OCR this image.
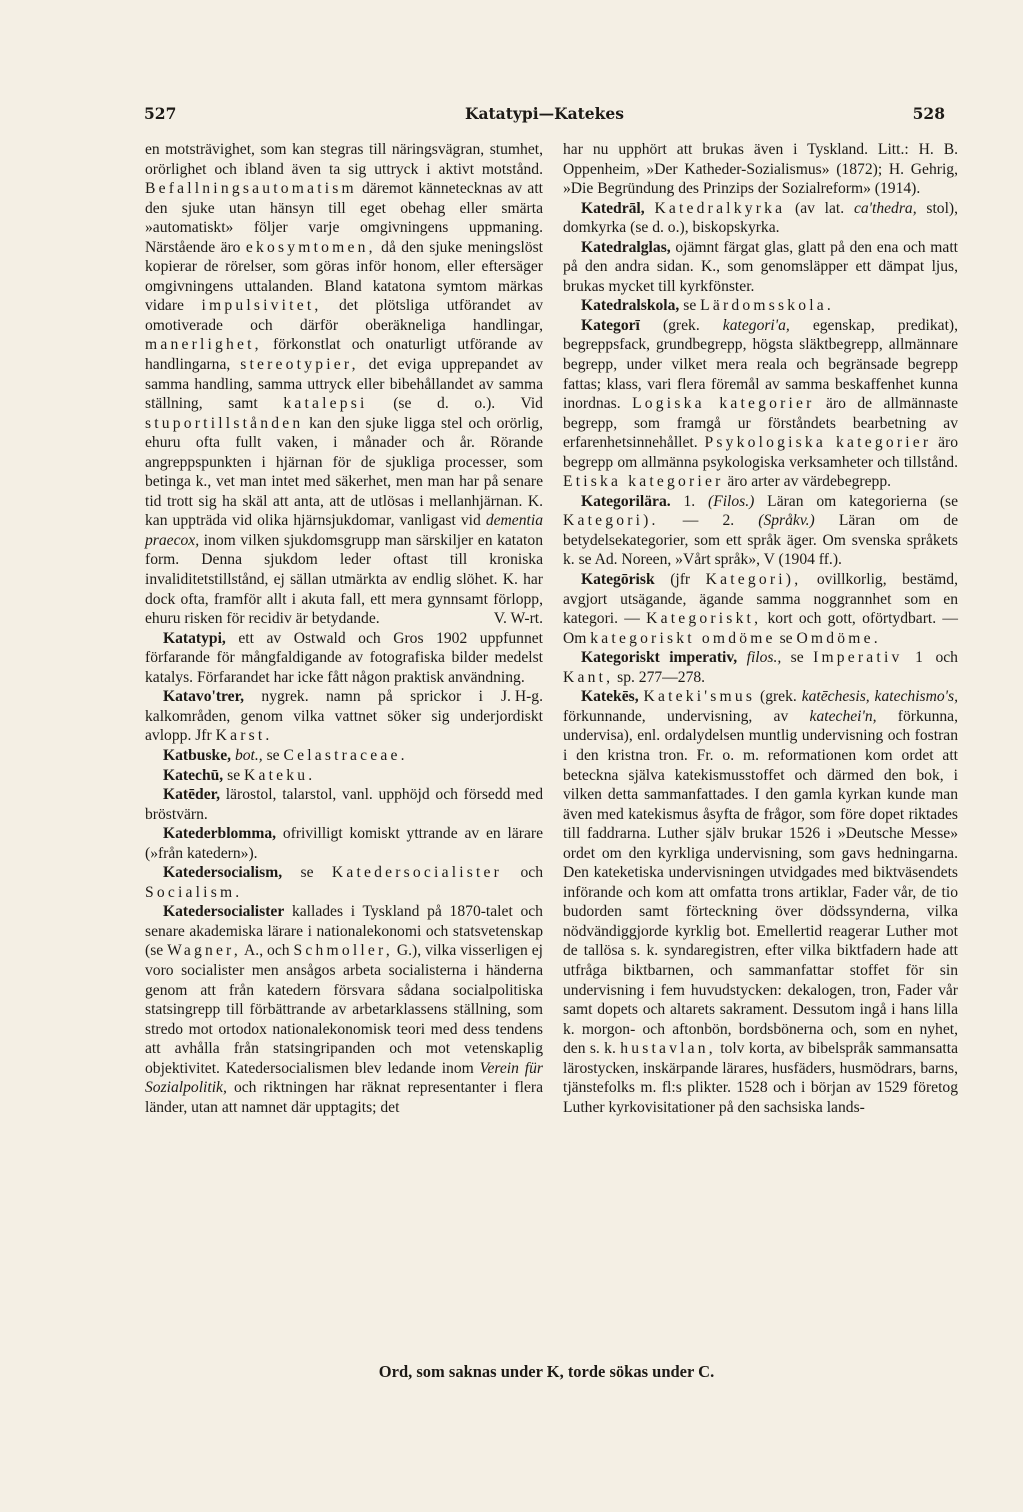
527	Katatypi—Katekes	528

en motsträvighet, som kan stegras till näringsvägran, stumhet, orörlighet och ibland även ta sig uttryck i aktivt motstånd. Befallningsautomatism däremot kännetecknas av att den sjuke utan hänsyn till eget obehag eller smärta »automatiskt» följer varje omgivningens uppmaning. Närstående äro ekosymtomen, då den sjuke meningslöst kopierar de rörelser, som göras inför honom, eller eftersäger omgivningens uttalanden. Bland katatona symtom märkas vidare impulsivitet, det plötsliga utförandet av omotiverade och därför oberäkneliga handlingar, manerlighet, förkonstlat och onaturligt utförande av handlingarna, stereotypier, det eviga upprepandet av samma handling, samma uttryck eller bibehållandet av samma ställning, samt katalepsi (se d. o.). Vid stuportillstånden kan den sjuke ligga stel och orörlig, ehuru ofta fullt vaken, i månader och år. Rörande angreppspunkten i hjärnan för de sjukliga processer, som betinga k., vet man intet med säkerhet, men man har på senare tid trott sig ha skäl att anta, att de utlösas i mellanhjärnan. K. kan uppträda vid olika hjärnsjukdomar, vanligast vid dementia praecox, inom vilken sjukdomsgrupp man särskiljer en kataton form. Denna sjukdom leder oftast till kroniska invaliditetstillstånd, ej sällan utmärkta av endlig slöhet. K. har dock ofta, framför allt i akuta fall, ett mera gynnsamt förlopp, ehuru risken för recidiv är betydande.	V. W-rt.

Katatypi, ett av Ostwald och Gros 1902 uppfunnet förfarande för mångfaldigande av fotografiska bilder medelst katalys. Förfarandet har icke fått någon praktisk användning.
J. H-g.

Katavo'trer, nygrek. namn på sprickor i kalkområden, genom vilka vattnet söker sig underjordiskt avlopp. Jfr Karst.

Katbuske, bot., se Celastraceae.

Katechū, se Kateku.

Katēder, lärostol, talarstol, vanl. upphöjd och försedd med bröstvärn.

Katederblomma, ofrivilligt komiskt yttrande av en lärare (»från katedern»).

Katedersocialism, se Katedersocialister och Socialism.

Katedersocialister kallades i Tyskland på 1870-talet och senare akademiska lärare i nationalekonomi och statsvetenskap (se Wagner, A., och Schmoller, G.), vilka visserligen ej voro socialister men ansågos arbeta socialisterna i händerna genom att från katedern försvara sådana socialpolitiska statsingrepp till förbättrande av arbetarklassens ställning, som stredo mot ortodox nationalekonomisk teori med dess tendens att avhålla från statsingripanden och mot vetenskaplig objektivitet. Katedersocialismen blev ledande inom Verein für Sozialpolitik, och riktningen har räknat representanter i flera länder, utan att namnet där upptagits; det

har nu upphört att brukas även i Tyskland. Litt.: H. B. Oppenheim, »Der Katheder-Sozialismus» (1872); H. Gehrig, »Die Begründung des Prinzips der Sozialreform» (1914).

Katedrāl, Katedralkyrka (av lat. ca'thedra, stol), domkyrka (se d. o.), biskopskyrka.

Katedralglas, ojämnt färgat glas, glatt på den ena och matt på den andra sidan. K., som genomsläpper ett dämpat ljus, brukas mycket till kyrkfönster.

Katedralskola, se Lärdomsskola.

Kategorī (grek. kategori'a, egenskap, predikat), begreppsfack, grundbegrepp, högsta släktbegrepp, allmännare begrepp, under vilket mera reala och begränsade begrepp fattas; klass, vari flera föremål av samma beskaffenhet kunna inordnas. Logiska kategorier äro de allmännaste begrepp, som framgå ur förståndets bearbetning av erfarenhetsinnehållet. Psykologiska kategorier äro begrepp om allmänna psykologiska verksamheter och tillstånd. Etiska kategorier äro arter av värdebegrepp.

Kategorilära. 1. (Filos.) Läran om kategorierna (se Kategori). — 2. (Språkv.) Läran om de betydelsekategorier, som ett språk äger. Om svenska språkets k. se Ad. Noreen, »Vårt språk», V (1904 ff.).

Kategōrisk (jfr Kategori), ovillkorlig, bestämd, avgjort utsägande, ägande samma noggrannhet som en kategori. — Kategoriskt, kort och gott, oförtydbart. — Om kategoriskt omdöme se Omdöme.

Kategoriskt imperativ, filos., se Imperativ 1 och Kant, sp. 277—278.

Katekēs, Kateki'smus (grek. katēchesis, katechismo's, förkunnande, undervisning, av katechei'n, förkunna, undervisa), enl. ordalydelsen muntlig undervisning och fostran i den kristna tron. Fr. o. m. reformationen kom ordet att beteckna själva katekismusstoffet och därmed den bok, i vilken detta sammanfattades. I den gamla kyrkan kunde man även med katekismus åsyfta de frågor, som före dopet riktades till faddrarna. Luther själv brukar 1526 i »Deutsche Messe» ordet om den kyrkliga undervisning, som gavs hedningarna. Den kateketiska undervisningen utvidgades med biktväsendets införande och kom att omfatta trons artiklar, Fader vår, de tio budorden samt förteckning över dödssynderna, vilka nödvändiggjorde kyrklig bot. Emellertid reagerar Luther mot de tallösa s. k. syndaregistren, efter vilka biktfadern hade att utfråga biktbarnen, och sammanfattar stoffet för sin undervisning i fem huvudstycken: dekalogen, tron, Fader vår samt dopets och altarets sakrament. Dessutom ingå i hans lilla k. morgon- och aftonbön, bordsbönerna och, som en nyhet, den s. k. hustavlan, tolv korta, av bibelspråk sammansatta lärostycken, inskärpande lärares, husfäders, husmödrars, barns, tjänstefolks m. fl:s plikter. 1528 och i början av 1529 företog Luther kyrkovisitationer på den sachsiska lands-

Ord, som saknas under K, torde sökas under C.
